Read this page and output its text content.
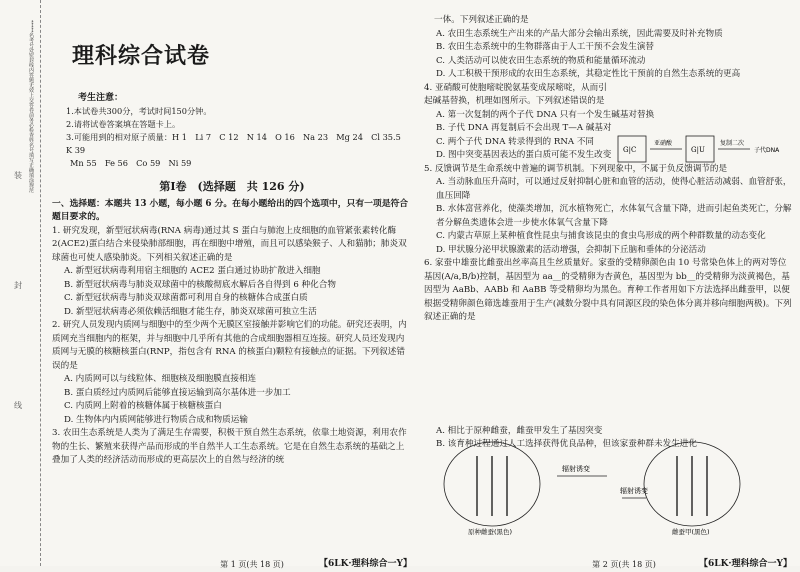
*****名考号处密封线内答题无效上交答卷前务必检查姓名号填写正确填涂规范
装
封
线
理科综合试卷
考生注意：

1.本试卷共300分，考试时间150分钟。

2.请将试卷答案填在答题卡上。

3.可能用到的相对原子质量：H 1　Li 7　C 12　N 14　O 16　Na 23　Mg 24　Cl 35.5　K 39

Mn 55　Fe 56　Co 59　Ni 59

第Ⅰ卷　(选择题　共 126 分)

一、选择题：本题共 13 小题，每小题 6 分。在每小题给出的四个选项中，只有一项是符合题目要求的。

1. 研究发现，新型冠状病毒(RNA 病毒)通过其 S 蛋白与肺泡上皮细胞的血管紧张素转化酶 2(ACE2)蛋白结合来侵染肺部细胞，再在细胞中增殖，而且可以感染猴子、人和猫肺；肺炎双球菌也可使人感染肺炎。下列相关叙述正确的是

A. 新型冠状病毒利用宿主细胞的 ACE2 蛋白通过协助扩散进入细胞

B. 新型冠状病毒与肺炎双球菌中的核酸彻底水解后各自得到 6 种化合物

C. 新型冠状病毒与肺炎双球菌都可利用自身的核糖体合成蛋白质

D. 新型冠状病毒必须依赖活细胞才能生存，肺炎双球菌可独立生活

2. 研究人员发现内质网与细胞中的至少两个无膜区室接触并影响它们的功能。研究还表明，内质网充当细胞内的框架，并与细胞中几乎所有其他的合成细胞器相互连接。研究人员还发现内质网与无膜的核糖核蛋白(RNP，指包含有 RNA 的核蛋白)颗粒有接触点的证据。下列叙述错误的是

A. 内质网可以与线粒体、细胞核及细胞膜直接相连

B. 蛋白质经过内质网后能够直接运输到高尔基体进一步加工

C. 内质网上附着的核糖体属于核糖核蛋白

D. 生物体内内质网能够进行物质合成和物质运输

3. 农田生态系统是人类为了满足生存需要，积极干预自然生态系统，依靠土地资源，利用农作物的生长、繁殖来获得产品而形成的半自然半人工生态系统。它是在自然生态系统的基础之上叠加了人类的经济活动而形成的更高层次上的自然与经济的统

第 1 页(共 18 页)	【6LK·理科综合一Y】

一体。下列叙述正确的是

A. 农田生态系统生产出来的产品大部分会输出系统，因此需要及时补充物质

B. 农田生态系统中的生物群落由于人工干预不会发生演替

C. 人类活动可以使农田生态系统的物质和能量循环流动

D. 人工积极干预形成的农田生态系统，其稳定性比干预前的自然生态系统的更高

4. 亚硝酸可使胞嘧啶脱氨基变成尿嘧啶，从而引起碱基替换，机理如图所示。下列叙述错误的是

A. 第一次复制的两个子代 DNA 只有一个发生碱基对替换

B. 子代 DNA 再复制后不会出现 T—A 碱基对

C. 两个子代 DNA 转录得到的 RNA 不同

D. 图中突变基因表达的蛋白质可能不发生改变

5. 反馈调节是生命系统中普遍的调节机制。下列现象中，不属于负反馈调节的是

A. 当动脉血压升高时，可以通过反射抑制心脏和血管的活动，使得心脏活动减弱、血管舒张，血压回降

B. 水体富营养化，使藻类增加，沉水植物死亡，水体氧气含量下降，进而引起鱼类死亡，分解者分解鱼类遗体会进一步使水体氧气含量下降

C. 内蒙古草原上某种植食性昆虫与捕食该昆虫的食虫鸟形成的两个种群数量的动态变化

D. 甲状腺分泌甲状腺激素的活动增强，会抑制下丘脑和垂体的分泌活动

6. 家蚕中雄蚕比雌蚕出丝率高且生丝质量好。家蚕的受精卵颜色由 10 号常染色体上的两对等位基因(A/a,B/b)控制，基因型为 aa__的受精卵为杏黄色，基因型为 bb__的受精卵为淡黄褐色，基因型为 AaBb、AABb 和 AaBB 等受精卵均为黑色。育种工作者用如下方法选择出雌蚕甲，以便根据受精卵颜色筛选雄蚕用于生产(减数分裂中具有同源区段的染色体分离并移向细胞两极)。下列叙述正确的是

A. 相比于原种雌蚕，雌蚕甲发生了基因突变

B. 该育种过程通过人工选择获得优良品种，但该家蚕种群未发生进化

第 2 页(共 18 页)	【6LK·理科综合一Y】
G|C
亚硝酸
G|U
复制二次
子代DNA
辐射诱变
辐射诱变
原种雌蚕(黑色)	雌蚕甲(黑色)
